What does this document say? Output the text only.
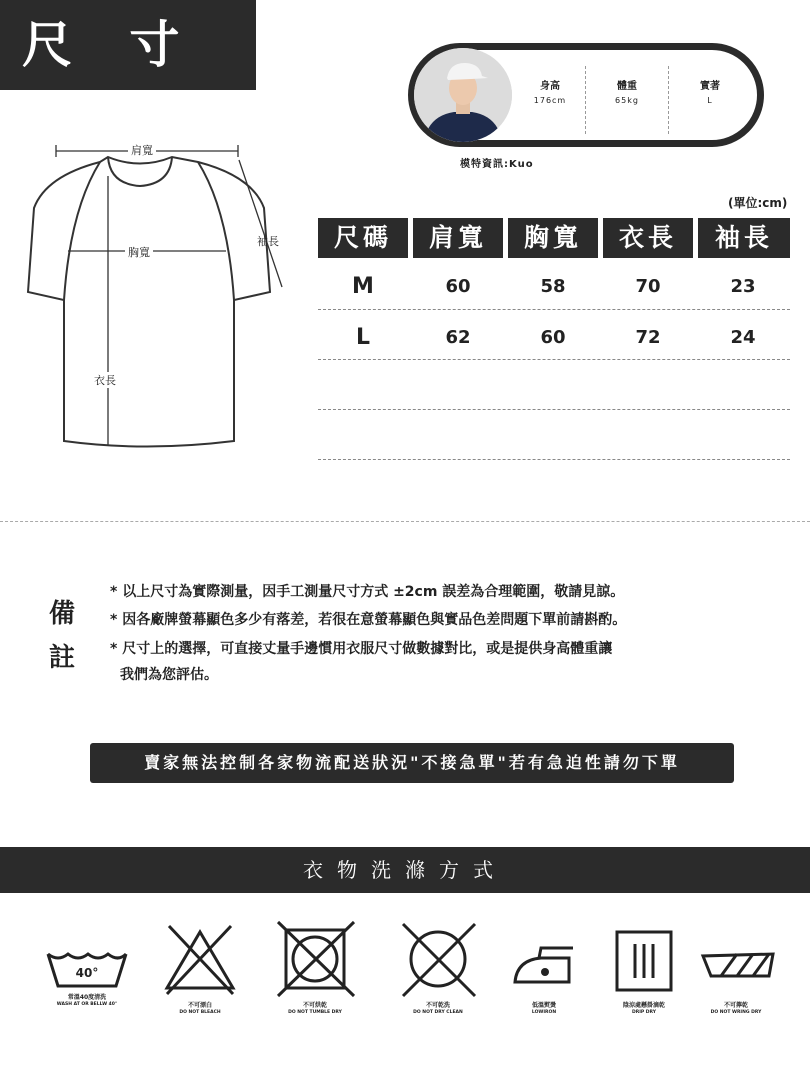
尺 寸 表
身高
176cm
體重
65kg
實著
L
模特資訊:Kuo
肩寬
胸寬
袖長
衣長
(單位:cm)
尺碼	肩寬	胸寬	衣長	袖長
M	60	58	70	23
L	62	60	72	24
備註
* 以上尺寸為實際測量，因手工測量尺寸方式 ±2cm 誤差為合理範圍，敬請見諒。
* 因各廠牌螢幕顯色多少有落差，若很在意螢幕顯色與實品色差問題下單前請斟酌。
* 尺寸上的選擇，可直接丈量手邊慣用衣服尺寸做數據對比，或是提供身高體重讓
我們為您評估。
賣家無法控制各家物流配送狀況"不接急單"若有急迫性請勿下單
衣物洗滌方式
40°
常溫40度清洗
WASH AT OR BELLW 40°	不可漂白
DO NOT BLEACH
不可烘乾
DO NOT TUMBLE DRY
不可乾洗
DO NOT DRY CLEAN
低溫熨燙
LOWIRON
陰涼處懸掛滴乾
DRIP DRY
不可擰乾
DO NOT WRING DRY
